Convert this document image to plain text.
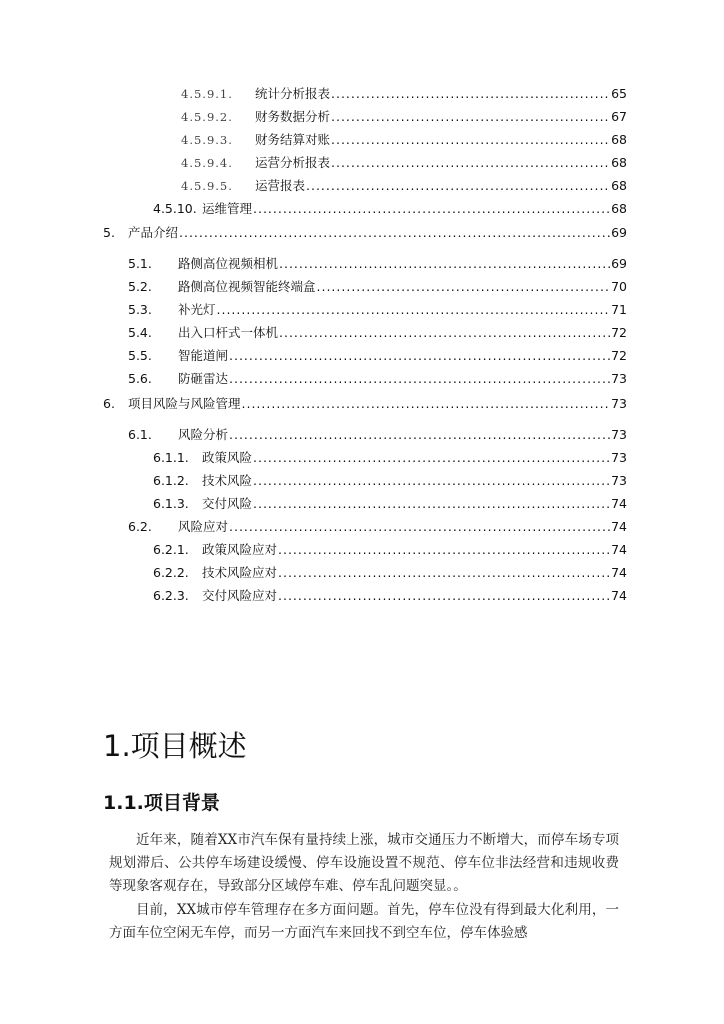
4.5.9.1.	统计分析报表 .....	65
4.5.9.2.	财务数据分析 .....	67
4.5.9.3.	财务结算对账 .....	68
4.5.9.4.	运营分析报表 .....	68
4.5.9.5.	运营报表 .....	68
4.5.10. 运维管理 .....	68
5.	产品介绍 .....	69
5.1.	路侧高位视频相机 .....	69
5.2.	路侧高位视频智能终端盒 .....	70
5.3.	补光灯 .....	71
5.4.	出入口杆式一体机 .....	72
5.5.	智能道闸 .....	72
5.6.	防砸雷达 .....	73
6.	项目风险与风险管理 .....	73
6.1.	风险分析 .....	73
6.1.1.	政策风险 .....	73
6.1.2.	技术风险 .....	73
6.1.3.	交付风险 .....	74
6.2.	风险应对 .....	74
6.2.1.	政策风险应对 .....	74
6.2.2.	技术风险应对 .....	74
6.2.3.	交付风险应对 .....	74
1.项目概述
1.1.项目背景

近年来，随着XX市汽车保有量持续上涨，城市交通压力不断增大，而停车场专项规划滞后、公共停车场建设缓慢、停车设施设置不规范、停车位非法经营和违规收费等现象客观存在，导致部分区域停车难、停车乱问题突显。。

目前，XX城市停车管理存在多方面问题。首先，停车位没有得到最大化利用，一方面车位空闲无车停，而另一方面汽车来回找不到空车位，停车体验感
